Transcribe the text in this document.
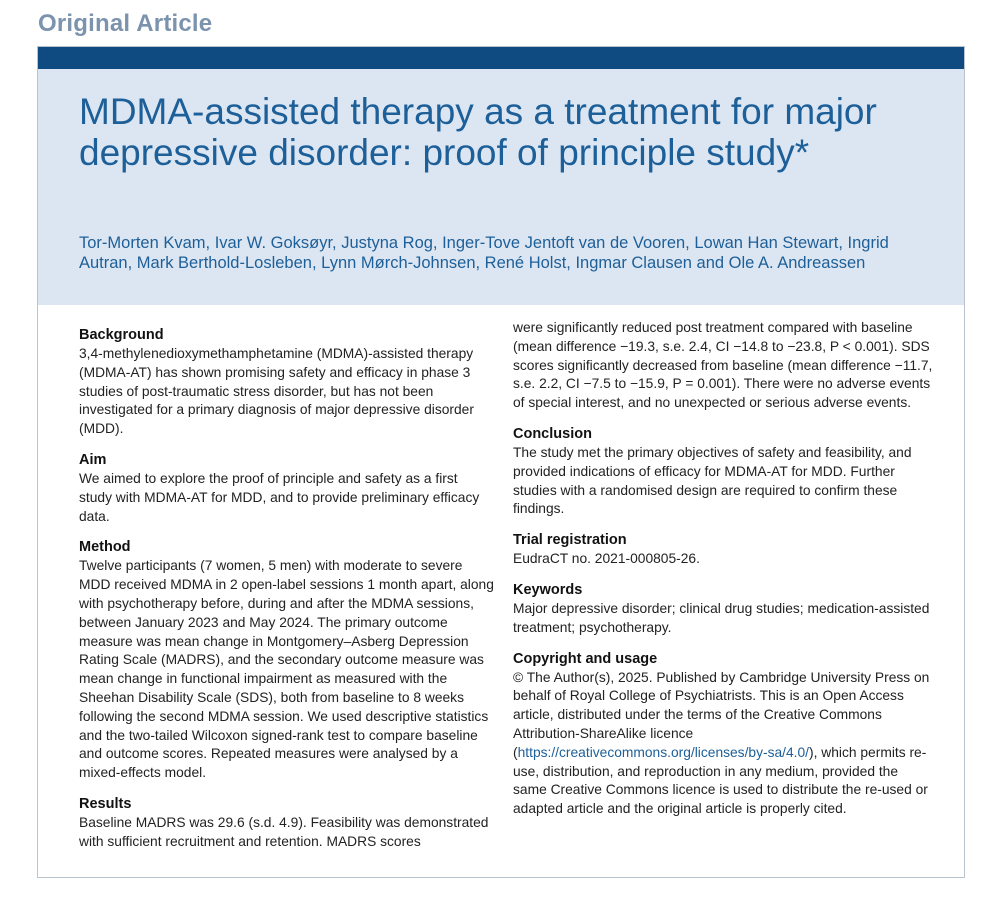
Original Article
MDMA-assisted therapy as a treatment for major depressive disorder: proof of principle study*

Tor-Morten Kvam, Ivar W. Goksøyr, Justyna Rog, Inger-Tove Jentoft van de Vooren, Lowan Han Stewart, Ingrid Autran, Mark Berthold-Losleben, Lynn Mørch-Johnsen, René Holst, Ingmar Clausen and Ole A. Andreassen

Background

3,4-methylenedioxymethamphetamine (MDMA)-assisted therapy (MDMA-AT) has shown promising safety and efficacy in phase 3 studies of post-traumatic stress disorder, but has not been investigated for a primary diagnosis of major depressive disorder (MDD).

Aim

We aimed to explore the proof of principle and safety as a first study with MDMA-AT for MDD, and to provide preliminary efficacy data.

Method

Twelve participants (7 women, 5 men) with moderate to severe MDD received MDMA in 2 open-label sessions 1 month apart, along with psychotherapy before, during and after the MDMA sessions, between January 2023 and May 2024. The primary outcome measure was mean change in Montgomery–Asberg Depression Rating Scale (MADRS), and the secondary outcome measure was mean change in functional impairment as measured with the Sheehan Disability Scale (SDS), both from baseline to 8 weeks following the second MDMA session. We used descriptive statistics and the two-tailed Wilcoxon signed-rank test to compare baseline and outcome scores. Repeated measures were analysed by a mixed-effects model.

Results

Baseline MADRS was 29.6 (s.d. 4.9). Feasibility was demonstrated with sufficient recruitment and retention. MADRS scores

were significantly reduced post treatment compared with baseline (mean difference −19.3, s.e. 2.4, CI −14.8 to −23.8, P < 0.001). SDS scores significantly decreased from baseline (mean difference −11.7, s.e. 2.2, CI −7.5 to −15.9, P = 0.001). There were no adverse events of special interest, and no unexpected or serious adverse events.

Conclusion

The study met the primary objectives of safety and feasibility, and provided indications of efficacy for MDMA-AT for MDD. Further studies with a randomised design are required to confirm these findings.

Trial registration

EudraCT no. 2021-000805-26.

Keywords

Major depressive disorder; clinical drug studies; medication-assisted treatment; psychotherapy.

Copyright and usage

© The Author(s), 2025. Published by Cambridge University Press on behalf of Royal College of Psychiatrists. This is an Open Access article, distributed under the terms of the Creative Commons Attribution-ShareAlike licence (https://creativecommons.org/licenses/by-sa/4.0/), which permits re-use, distribution, and reproduction in any medium, provided the same Creative Commons licence is used to distribute the re-used or adapted article and the original article is properly cited.
